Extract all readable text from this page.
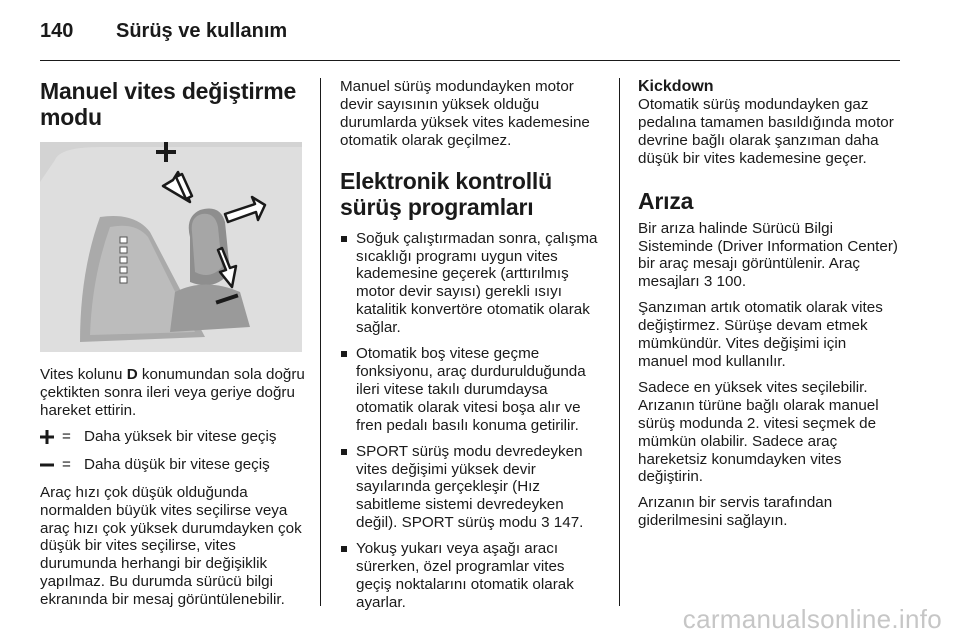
140 Sürüş ve kullanım
Manuel vites değiştirme modu

Vites kolunu D konumundan sola doğru çektikten sonra ileri veya geriye doğru hareket ettirin.

= Daha yüksek bir vitese geçiş
= Daha düşük bir vitese geçiş

Araç hızı çok düşük olduğunda normalden büyük vites seçilirse veya araç hızı çok yüksek durumdayken çok düşük bir vites seçilirse, vites durumunda herhangi bir değişiklik yapılmaz. Bu durumda sürücü bilgi ekranında bir mesaj görüntülenebilir.

Manuel sürüş modundayken motor devir sayısının yüksek olduğu durumlarda yüksek vites kademesine otomatik olarak geçilmez.

Elektronik kontrollü sürüş programları
Soğuk çalıştırmadan sonra, çalışma sıcaklığı programı uygun vites kademesine geçerek (arttırılmış motor devir sayısı) gerekli ısıyı katalitik konvertöre otomatik olarak sağlar.
Otomatik boş vitese geçme fonksiyonu, araç durdurulduğunda ileri vitese takılı durumdaysa otomatik olarak vitesi boşa alır ve fren pedalı basılı konuma getirilir.
SPORT sürüş modu devredeyken vites değişimi yüksek devir sayılarında gerçekleşir (Hız sabitleme sistemi devredeyken değil). SPORT sürüş modu 3 147.
Yokuş yukarı veya aşağı aracı sürerken, özel programlar vites geçiş noktalarını otomatik olarak ayarlar.
Kickdown

Otomatik sürüş modundayken gaz pedalına tamamen basıldığında motor devrine bağlı olarak şanzıman daha düşük bir vites kademesine geçer.

Arıza

Bir arıza halinde Sürücü Bilgi Sisteminde (Driver Information Center) bir araç mesajı görüntülenir. Araç mesajları 3 100.

Şanzıman artık otomatik olarak vites değiştirmez. Sürüşe devam etmek mümkündür. Vites değişimi için manuel mod kullanılır.

Sadece en yüksek vites seçilebilir. Arızanın türüne bağlı olarak manuel sürüş modunda 2. vitesi seçmek de mümkün olabilir. Sadece araç hareketsiz konumdayken vites değiştirin.

Arızanın bir servis tarafından giderilmesini sağlayın.

carmanualsonline.info
